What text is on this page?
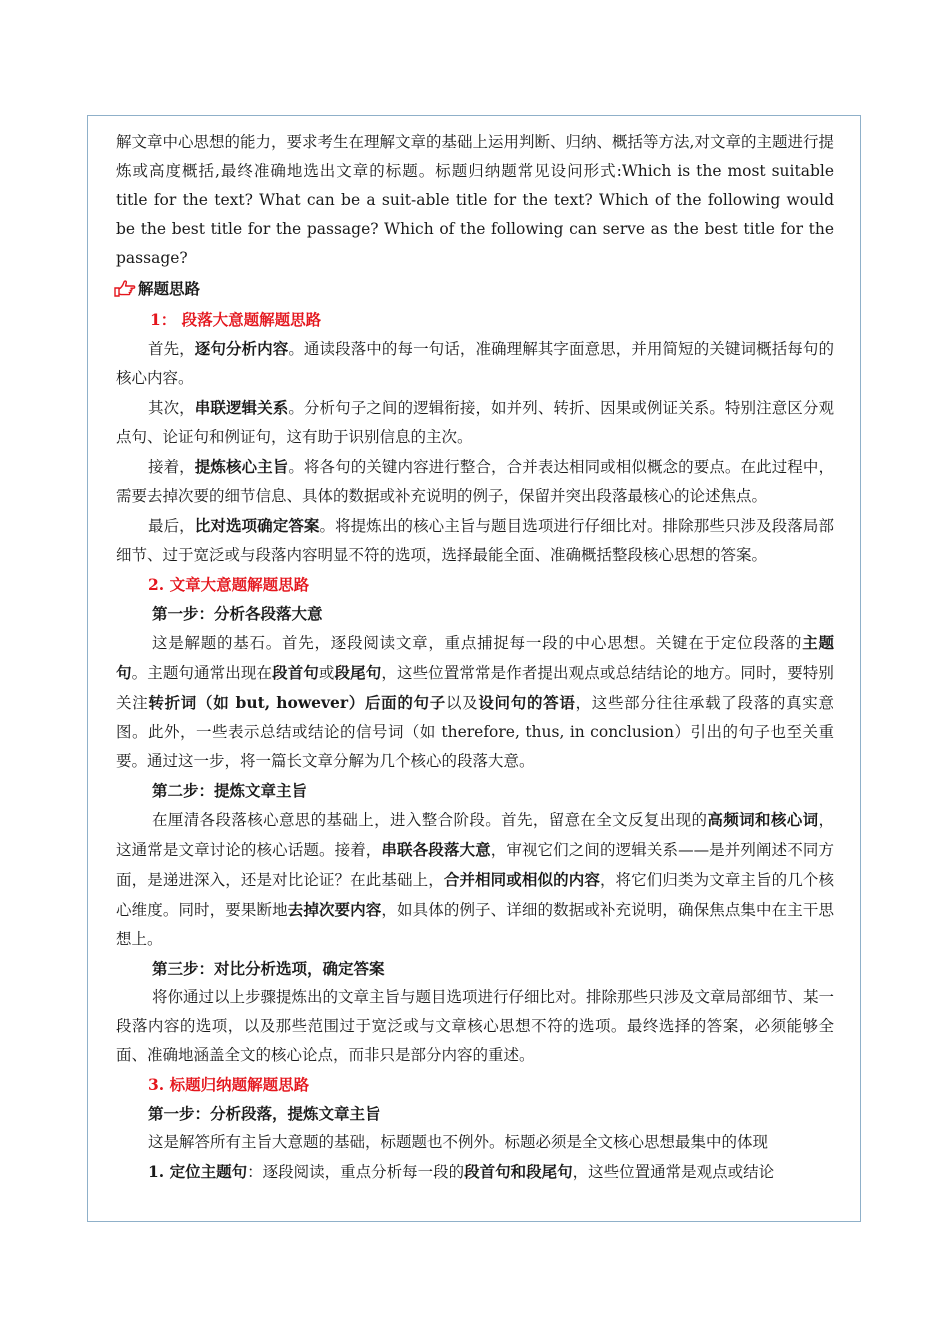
解文章中心思想的能力，要求考生在理解文章的基础上运用判断、归纳、概括等方法,对文章的主题进行提炼或高度概括,最终准确地选出文章的标题。标题归纳题常见设问形式:Which is the most suitable title for the text? What can be a suit-able title for the text? Which of the following would be the best title for the passage? Which of the following can serve as the best title for the passage?

解题思路

1： 段落大意题解题思路

首先，逐句分析内容。通读段落中的每一句话，准确理解其字面意思，并用简短的关键词概括每句的核心内容。

其次，串联逻辑关系。分析句子之间的逻辑衔接，如并列、转折、因果或例证关系。特别注意区分观点句、论证句和例证句，这有助于识别信息的主次。

接着，提炼核心主旨。将各句的关键内容进行整合，合并表达相同或相似概念的要点。在此过程中，需要去掉次要的细节信息、具体的数据或补充说明的例子，保留并突出段落最核心的论述焦点。

最后，比对选项确定答案。将提炼出的核心主旨与题目选项进行仔细比对。排除那些只涉及段落局部细节、过于宽泛或与段落内容明显不符的选项，选择最能全面、准确概括整段核心思想的答案。

2. 文章大意题解题思路

第一步：分析各段落大意

这是解题的基石。首先，逐段阅读文章，重点捕捉每一段的中心思想。关键在于定位段落的主题句。主题句通常出现在段首句或段尾句，这些位置常常是作者提出观点或总结结论的地方。同时，要特别关注转折词（如 but, however）后面的句子以及设问句的答语，这些部分往往承载了段落的真实意图。此外，一些表示总结或结论的信号词（如 therefore, thus, in conclusion）引出的句子也至关重要。通过这一步，将一篇长文章分解为几个核心的段落大意。

第二步：提炼文章主旨

在厘清各段落核心意思的基础上，进入整合阶段。首先，留意在全文反复出现的高频词和核心词，这通常是文章讨论的核心话题。接着，串联各段落大意，审视它们之间的逻辑关系——是并列阐述不同方面，是递进深入，还是对比论证？在此基础上，合并相同或相似的内容，将它们归类为文章主旨的几个核心维度。同时，要果断地去掉次要内容，如具体的例子、详细的数据或补充说明，确保焦点集中在主干思想上。

第三步：对比分析选项，确定答案

将你通过以上步骤提炼出的文章主旨与题目选项进行仔细比对。排除那些只涉及文章局部细节、某一段落内容的选项，以及那些范围过于宽泛或与文章核心思想不符的选项。最终选择的答案，必须能够全面、准确地涵盖全文的核心论点，而非只是部分内容的重述。

3. 标题归纳题解题思路

第一步：分析段落，提炼文章主旨

这是解答所有主旨大意题的基础，标题题也不例外。标题必须是全文核心思想最集中的体现

1. 定位主题句：逐段阅读，重点分析每一段的段首句和段尾句，这些位置通常是观点或结论
